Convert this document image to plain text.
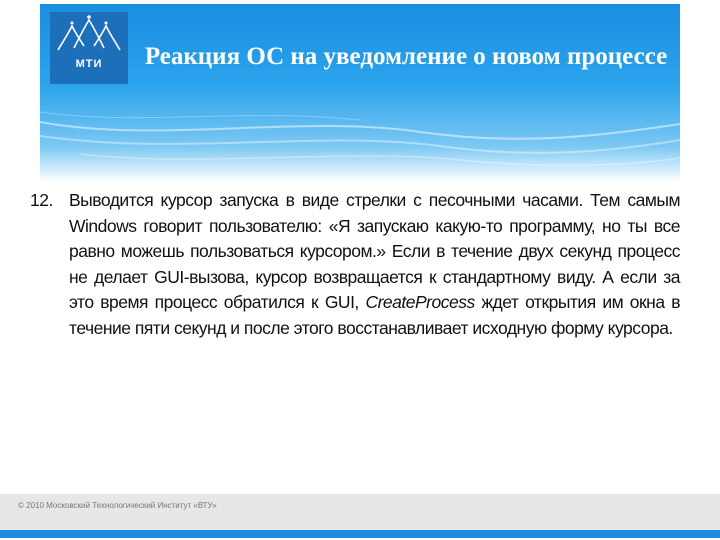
МТИ	Реакция ОС на уведомление о новом процессе
12. Выводится курсор запуска в виде стрелки с песочными часами. Тем самым Windows говорит пользователю: «Я запускаю какую-то программу, но ты все равно можешь пользоваться курсором.» Если в течение двух секунд процесс не делает GUI-вызова, курсор возвращается к стандартному виду. А если за это время процесс обратился к GUI, CreateProcess ждет открытия им окна в течение пяти секунд и после этого восстанавливает исходную форму курсора.
© 2010 Московский Технологический Институт «ВТУ»
